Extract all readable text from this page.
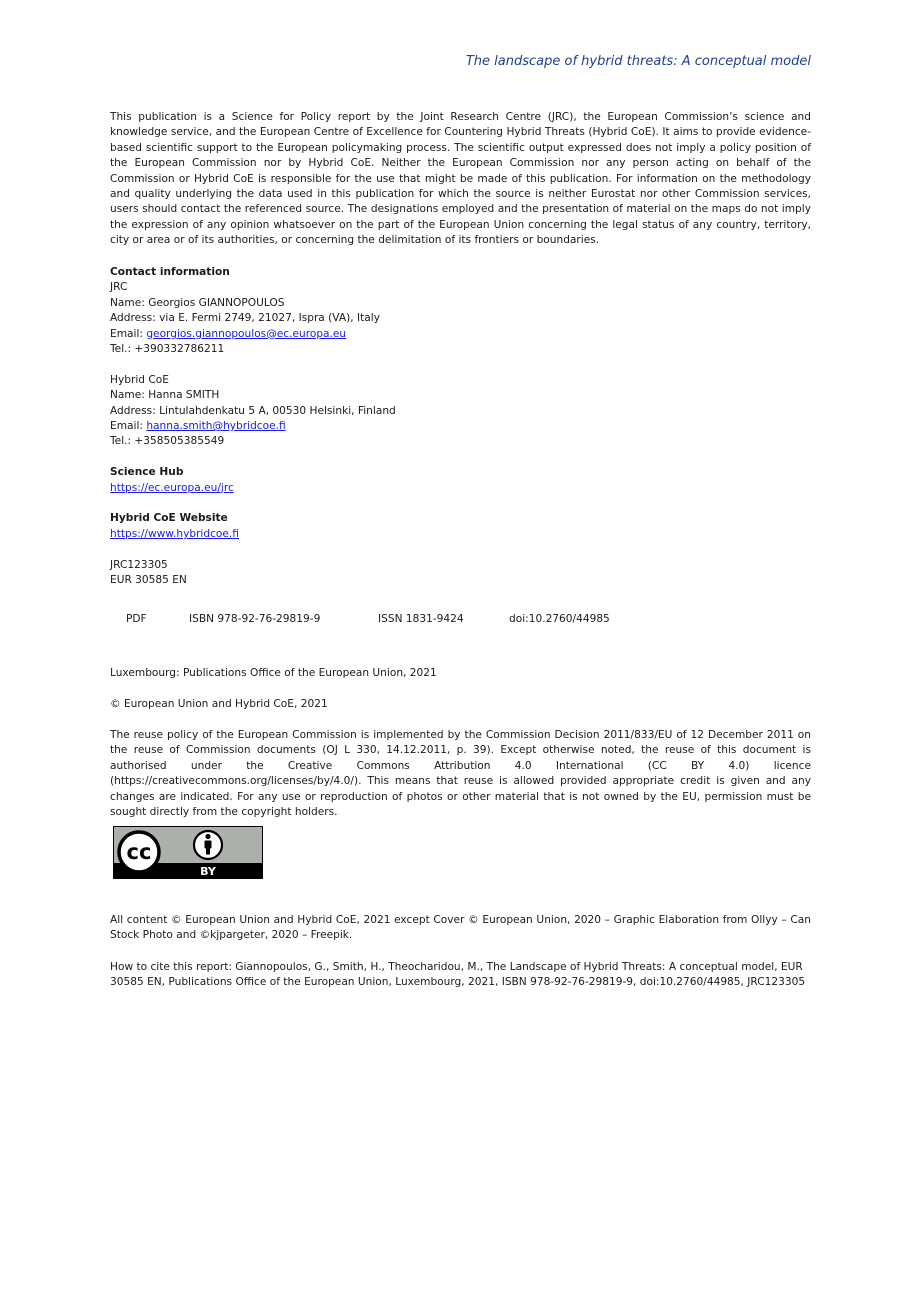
The landscape of hybrid threats: A conceptual model

This publication is a Science for Policy report by the Joint Research Centre (JRC), the European Commission’s science and knowledge service, and the European Centre of Excellence for Countering Hybrid Threats (Hybrid CoE). It aims to provide evidence-based scientific support to the European policymaking process. The scientific output expressed does not imply a policy position of the European Commission nor by Hybrid CoE. Neither the European Commission nor any person acting on behalf of the Commission or Hybrid CoE is responsible for the use that might be made of this publication. For information on the methodology and quality underlying the data used in this publication for which the source is neither Eurostat nor other Commission services, users should contact the referenced source. The designations employed and the presentation of material on the maps do not imply the expression of any opinion whatsoever on the part of the European Union concerning the legal status of any country, territory, city or area or of its authorities, or concerning the delimitation of its frontiers or boundaries.

Contact information
JRC
Name: Georgios GIANNOPOULOS
Address: via E. Fermi 2749, 21027, Ispra (VA), Italy
Email: georgios.giannopoulos@ec.europa.eu
Tel.: +390332786211
Hybrid CoE
Name: Hanna SMITH
Address: Lintulahdenkatu 5 A, 00530 Helsinki, Finland
Email: hanna.smith@hybridcoe.fi
Tel.: +358505385549
Science Hub
https://ec.europa.eu/jrc
Hybrid CoE Website
https://www.hybridcoe.fi
JRC123305
EUR 30585 EN
PDF	ISBN 978-92-76-29819-9	ISSN 1831-9424	doi:10.2760/44985
Luxembourg: Publications Office of the European Union, 2021
© European Union and Hybrid CoE, 2021

The reuse policy of the European Commission is implemented by the Commission Decision 2011/833/EU of 12 December 2011 on the reuse of Commission documents (OJ L 330, 14.12.2011, p. 39). Except otherwise noted, the reuse of this document is authorised under the Creative Commons Attribution 4.0 International (CC BY 4.0) licence (https://creativecommons.org/licenses/by/4.0/). This means that reuse is allowed provided appropriate credit is given and any changes are indicated. For any use or reproduction of photos or other material that is not owned by the EU, permission must be sought directly from the copyright holders.

cc
BY

All content © European Union and Hybrid CoE, 2021 except Cover © European Union, 2020 – Graphic Elaboration from Ollyy – Can Stock Photo and ©kjpargeter, 2020 – Freepik.

How to cite this report: Giannopoulos, G., Smith, H., Theocharidou, M., The Landscape of Hybrid Threats: A conceptual model, EUR 30585 EN, Publications Office of the European Union, Luxembourg, 2021, ISBN 978-92-76-29819-9, doi:10.2760/44985, JRC123305
